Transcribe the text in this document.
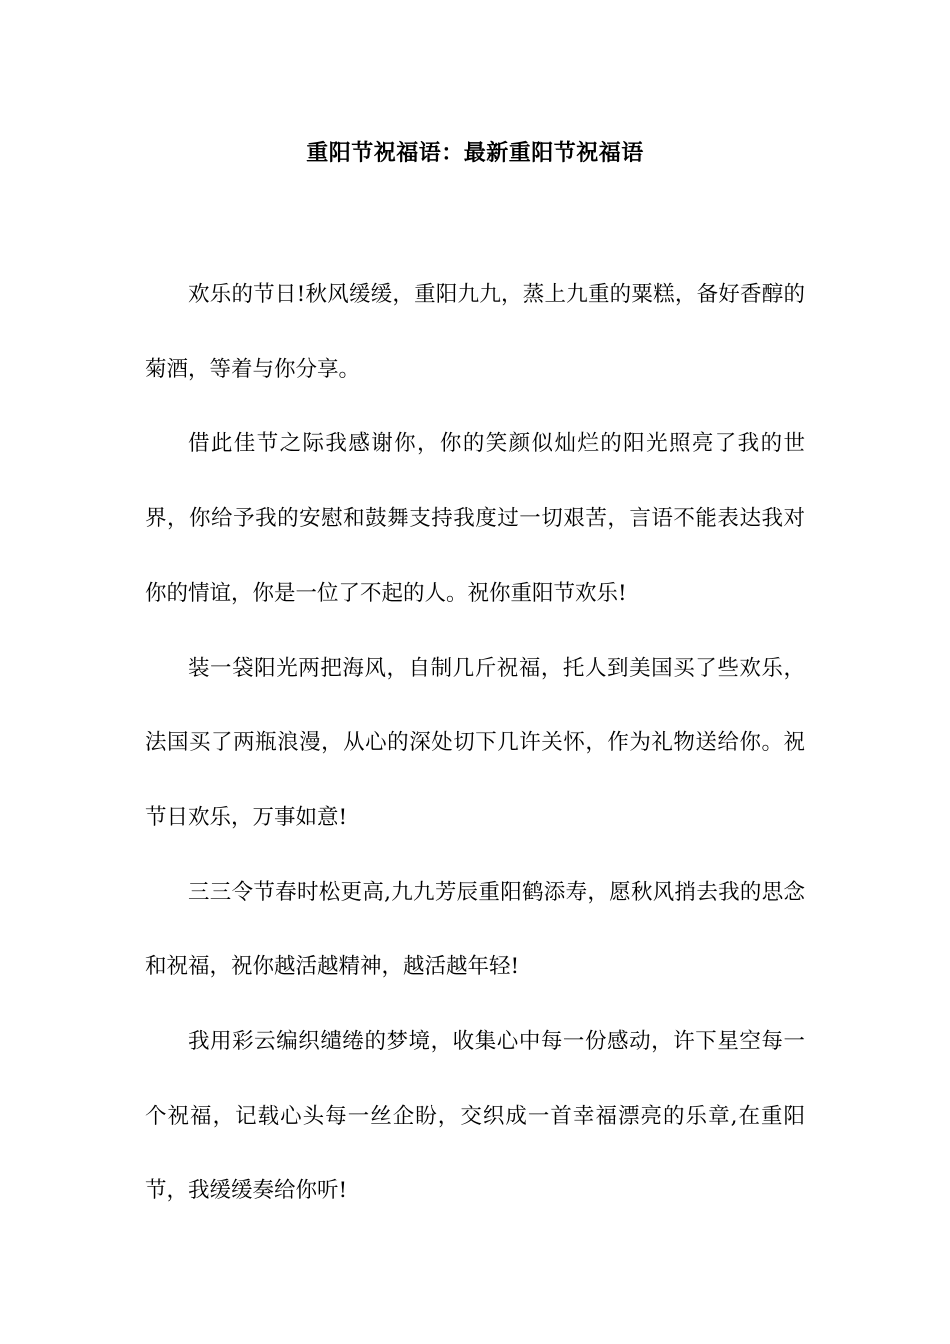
重阳节祝福语：最新重阳节祝福语

欢乐的节日!秋风缓缓，重阳九九，蒸上九重的粟糕，备好香醇的菊酒，等着与你分享。

借此佳节之际我感谢你，你的笑颜似灿烂的阳光照亮了我的世界，你给予我的安慰和鼓舞支持我度过一切艰苦，言语不能表达我对你的情谊，你是一位了不起的人。祝你重阳节欢乐!

装一袋阳光两把海风，自制几斤祝福，托人到美国买了些欢乐，法国买了两瓶浪漫，从心的深处切下几许关怀，作为礼物送给你。祝节日欢乐，万事如意!

三三令节春时松更高,九九芳辰重阳鹤添寿，愿秋风捎去我的思念和祝福，祝你越活越精神，越活越年轻!

我用彩云编织缱绻的梦境，收集心中每一份感动，许下星空每一个祝福，记载心头每一丝企盼，交织成一首幸福漂亮的乐章,在重阳节，我缓缓奏给你听!
